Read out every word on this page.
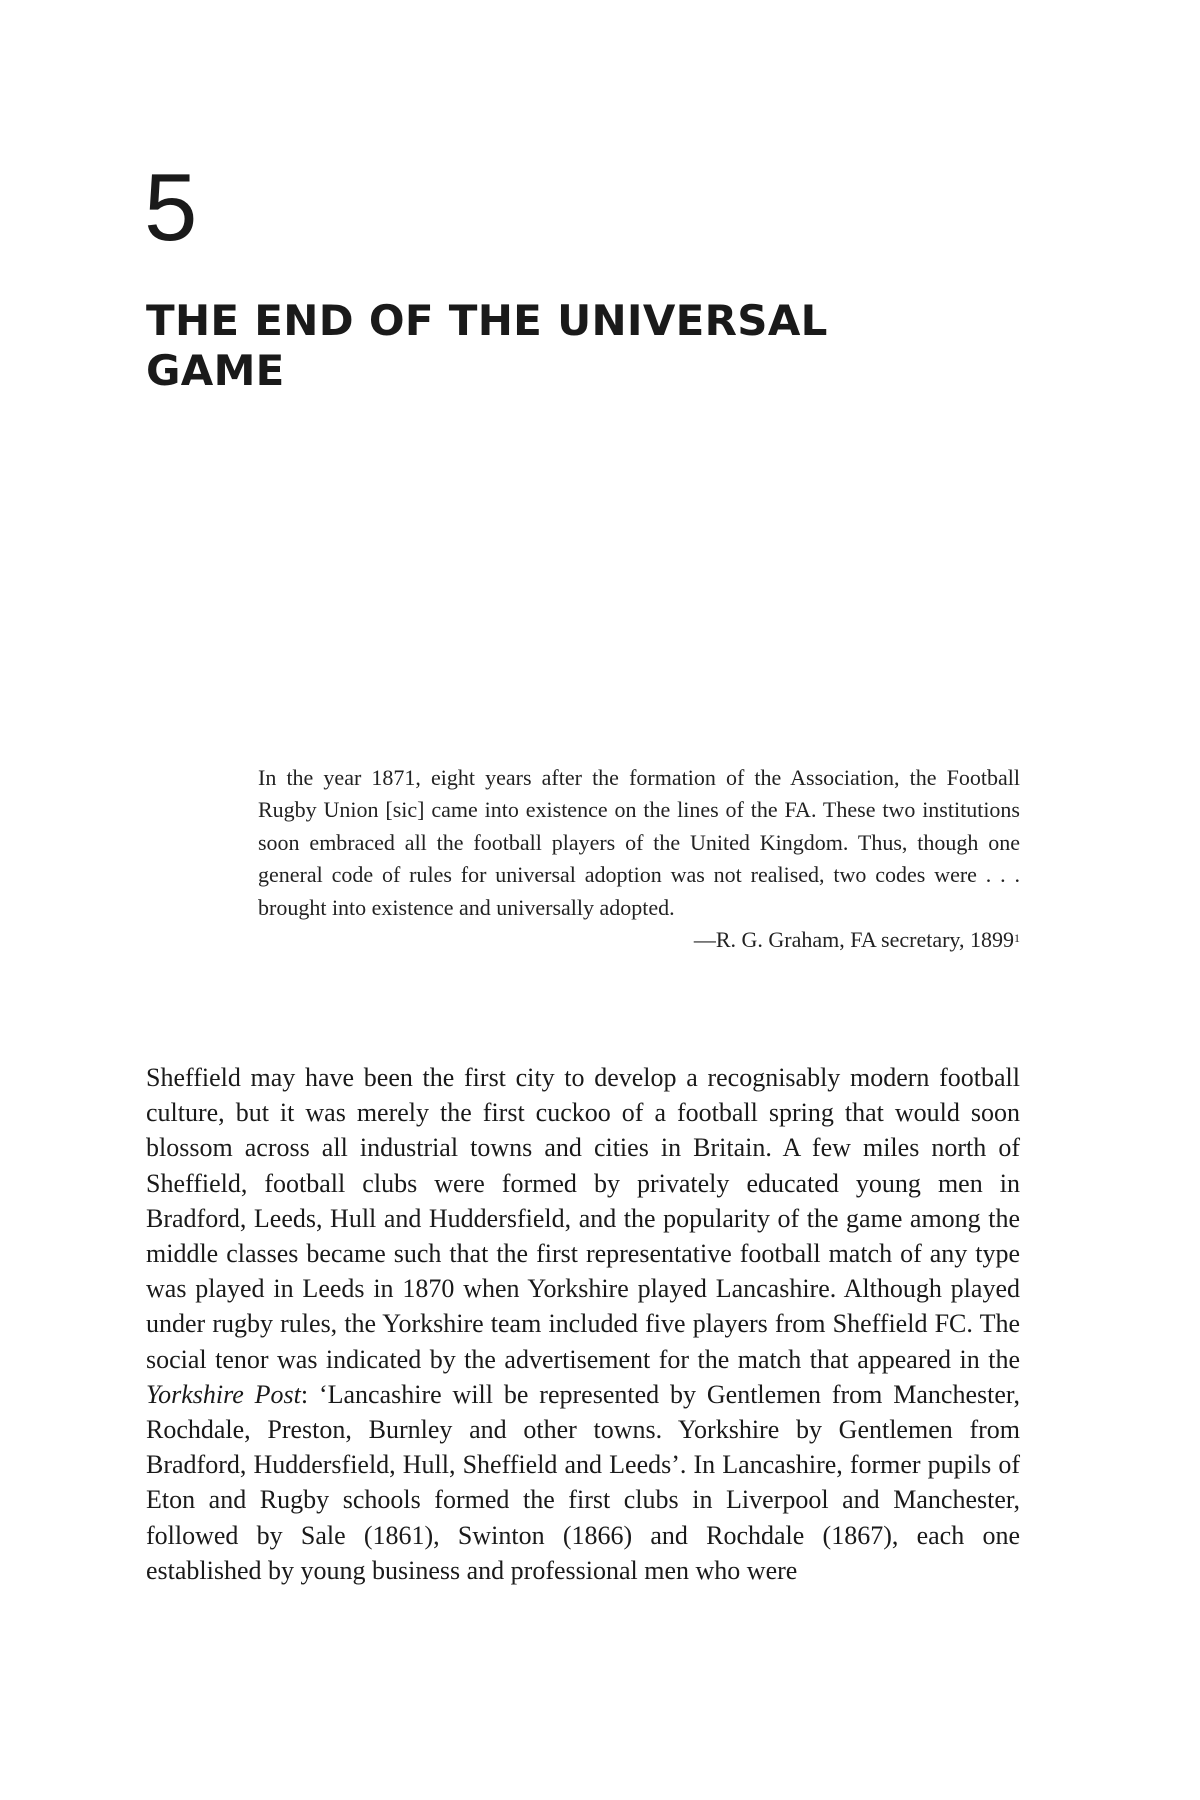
5
THE END OF THE UNIVERSAL GAME

In the year 1871, eight years after the formation of the Association, the Football Rugby Union [sic] came into existence on the lines of the FA. These two institutions soon embraced all the football players of the United Kingdom. Thus, though one general code of rules for universal adoption was not realised, two codes were . . . brought into existence and universally adopted.

—R. G. Graham, FA secretary, 1899$^1$

Sheffield may have been the first city to develop a recognisably modern football culture, but it was merely the first cuckoo of a football spring that would soon blossom across all industrial towns and cities in Britain. A few miles north of Sheffield, football clubs were formed by privately educated young men in Bradford, Leeds, Hull and Huddersfield, and the popularity of the game among the middle classes became such that the first representative football match of any type was played in Leeds in 1870 when Yorkshire played Lancashire. Although played under rugby rules, the Yorkshire team included five players from Sheffield FC. The social tenor was indicated by the advertisement for the match that appeared in the Yorkshire Post: ‘Lancashire will be represented by Gentlemen from Manchester, Rochdale, Preston, Burnley and other towns. Yorkshire by Gentlemen from Bradford, Huddersfield, Hull, Sheffield and Leeds’. In Lancashire, former pupils of Eton and Rugby schools formed the first clubs in Liverpool and Manchester, followed by Sale (1861), Swinton (1866) and Rochdale (1867), each one established by young business and professional men who were
